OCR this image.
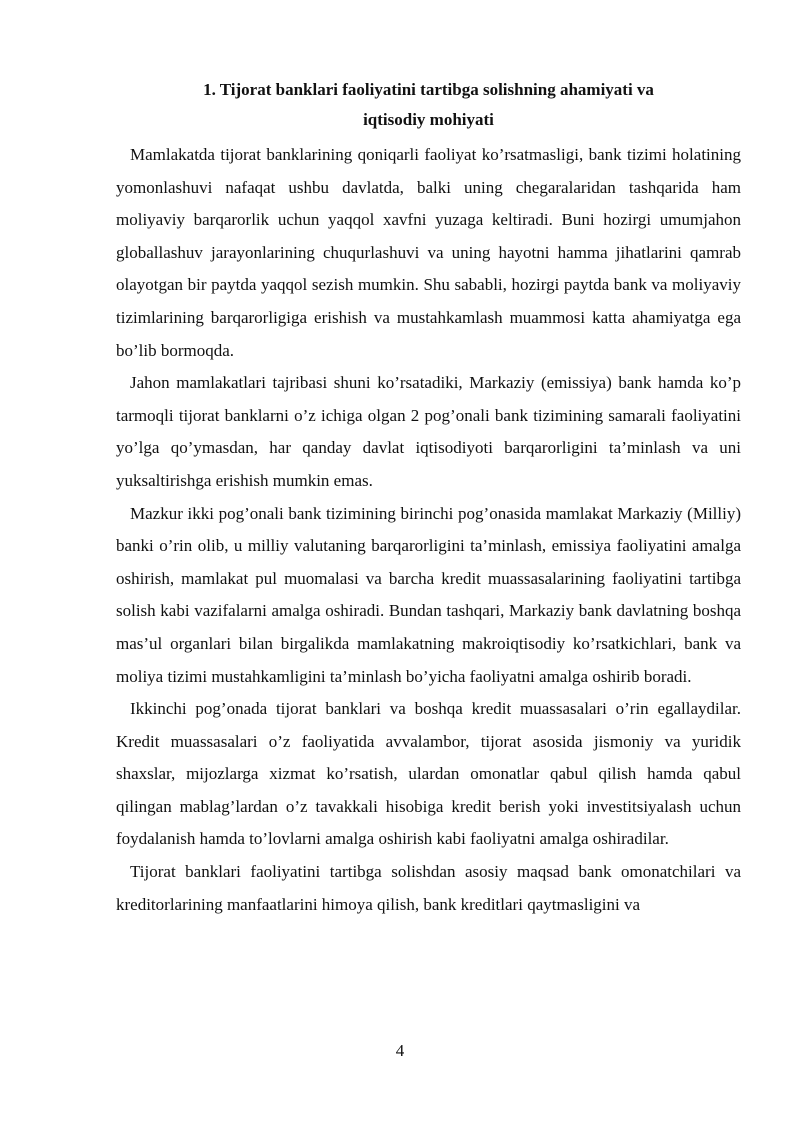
1. Tijorat banklari faoliyatini tartibga solishning ahamiyati va
iqtisodiy mohiyati

Mamlakatda tijorat banklarining qoniqarli faoliyat ko’rsatmasligi, bank tizimi holatining yomonlashuvi nafaqat ushbu davlatda, balki uning chegaralaridan tashqarida ham moliyaviy barqarorlik uchun yaqqol xavfni yuzaga keltiradi. Buni hozirgi umumjahon globallashuv jarayonlarining chuqurlashuvi va uning hayotni hamma jihatlarini qamrab olayotgan bir paytda yaqqol sezish mumkin. Shu sababli, hozirgi paytda bank va moliyaviy tizimlarining barqarorligiga erishish va mustahkamlash muammosi katta ahamiyatga ega bo’lib bormoqda.

Jahon mamlakatlari tajribasi shuni ko’rsatadiki, Markaziy (emissiya) bank hamda ko’p tarmoqli tijorat banklarni o’z ichiga olgan 2 pog’onali bank tizimining samarali faoliyatini yo’lga qo’ymasdan, har qanday davlat iqtisodiyoti barqarorligini ta’minlash va uni yuksaltirishga erishish mumkin emas.

Mazkur ikki pog’onali bank tizimining birinchi pog’onasida mamlakat Markaziy (Milliy) banki o’rin olib, u milliy valutaning barqarorligini ta’minlash, emissiya faoliyatini amalga oshirish, mamlakat pul muomalasi va barcha kredit muassasalarining faoliyatini tartibga solish kabi vazifalarni amalga oshiradi. Bundan tashqari, Markaziy bank davlatning boshqa mas’ul organlari bilan birgalikda mamlakatning makroiqtisodiy ko’rsatkichlari, bank va moliya tizimi mustahkamligini ta’minlash bo’yicha faoliyatni amalga oshirib boradi.

Ikkinchi pog’onada tijorat banklari va boshqa kredit muassasalari o’rin egallaydilar. Kredit muassasalari o’z faoliyatida avvalambor, tijorat asosida jismoniy va yuridik shaxslar, mijozlarga xizmat ko’rsatish, ulardan omonatlar qabul qilish hamda qabul qilingan mablag’lardan o’z tavakkali hisobiga kredit berish yoki investitsiyalash uchun foydalanish hamda to’lovlarni amalga oshirish kabi faoliyatni amalga oshiradilar.

Tijorat banklari faoliyatini tartibga solishdan asosiy maqsad bank omonatchilari va kreditorlarining manfaatlarini himoya qilish, bank kreditlari qaytmasligini va

4
